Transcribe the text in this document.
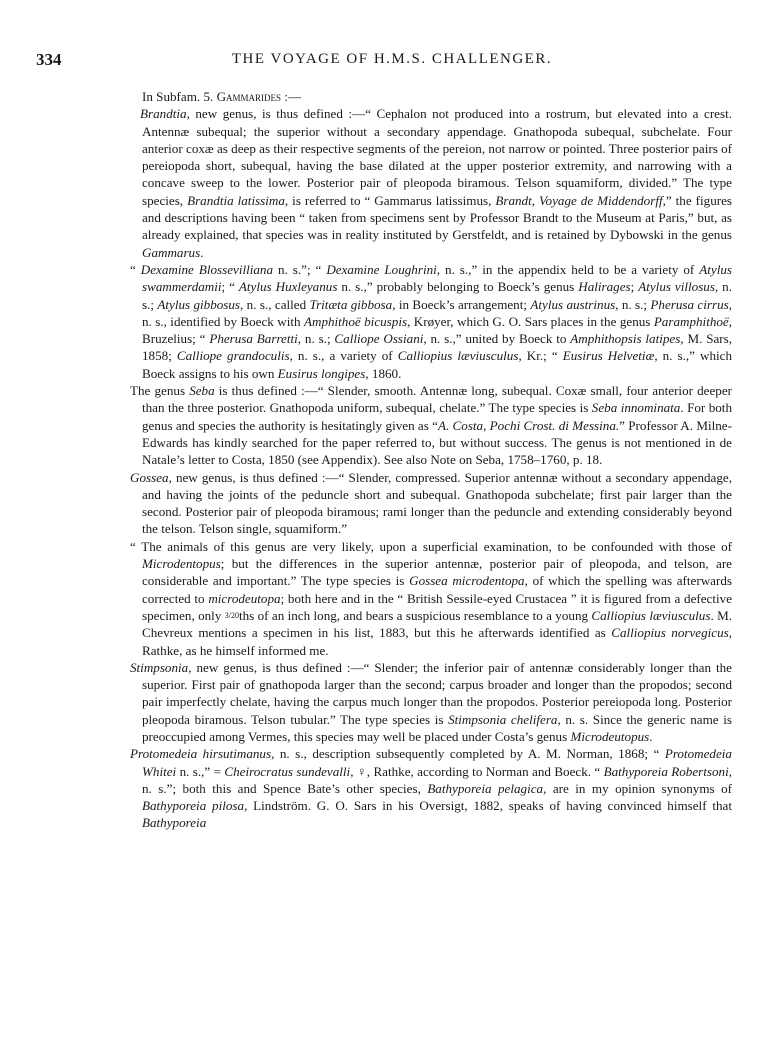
334	THE VOYAGE OF H.M.S. CHALLENGER.

In Subfam. 5. Gammarides :—

Brandtia, new genus, is thus defined :—“ Cephalon not produced into a rostrum, but elevated into a crest. Antennæ subequal; the superior without a secondary appendage. Gnathopoda subequal, subchelate. Four anterior coxæ as deep as their respective segments of the pereion, not narrow or pointed. Three posterior pairs of pereiopoda short, subequal, having the base dilated at the upper posterior extremity, and narrowing with a concave sweep to the lower. Posterior pair of pleopoda biramous. Telson squamiform, divided.” The type species, Brandtia latissima, is referred to “ Gammarus latissimus, Brandt, Voyage de Middendorff,” the figures and descriptions having been “ taken from specimens sent by Professor Brandt to the Museum at Paris,” but, as already explained, that species was in reality instituted by Gerstfeldt, and is retained by Dybowski in the genus Gammarus.

“ Dexamine Blossevilliana n. s.”; “ Dexamine Loughrini, n. s.,” in the appendix held to be a variety of Atylus swammerdamii; “ Atylus Huxleyanus n. s.,” probably belonging to Boeck’s genus Halirages; Atylus villosus, n. s.; Atylus gibbosus, n. s., called Tritæta gibbosa, in Boeck’s arrangement; Atylus austrinus, n. s.; Pherusa cirrus, n. s., identified by Boeck with Amphithoë bicuspis, Krøyer, which G. O. Sars places in the genus Paramphithoë, Bruzelius; “ Pherusa Barretti, n. s.; Calliope Ossiani, n. s.,” united by Boeck to Amphithopsis latipes, M. Sars, 1858; Calliope grandoculis, n. s., a variety of Calliopius læviusculus, Kr.; “ Eusirus Helvetiæ, n. s.,” which Boeck assigns to his own Eusirus longipes, 1860.

The genus Seba is thus defined :—“ Slender, smooth. Antennæ long, subequal. Coxæ small, four anterior deeper than the three posterior. Gnathopoda uniform, subequal, chelate.” The type species is Seba innominata. For both genus and species the authority is hesitatingly given as “A. Costa, Pochi Crost. di Messina.” Professor A. Milne-Edwards has kindly searched for the paper referred to, but without success. The genus is not mentioned in de Natale’s letter to Costa, 1850 (see Appendix). See also Note on Seba, 1758–1760, p. 18.

Gossea, new genus, is thus defined :—“ Slender, compressed. Superior antennæ without a secondary appendage, and having the joints of the peduncle short and subequal. Gnathopoda subchelate; first pair larger than the second. Posterior pair of pleopoda biramous; rami longer than the peduncle and extending considerably beyond the telson. Telson single, squamiform.”

“ The animals of this genus are very likely, upon a superficial examination, to be confounded with those of Microdentopus; but the differences in the superior antennæ, posterior pair of pleopoda, and telson, are considerable and important.” The type species is Gossea microdentopa, of which the spelling was afterwards corrected to microdeutopa; both here and in the “ British Sessile-eyed Crustacea ” it is figured from a defective specimen, only 3/20ths of an inch long, and bears a suspicious resemblance to a young Calliopius læviusculus. M. Chevreux mentions a specimen in his list, 1883, but this he afterwards identified as Calliopius norvegicus, Rathke, as he himself informed me.

Stimpsonia, new genus, is thus defined :—“ Slender; the inferior pair of antennæ considerably longer than the superior. First pair of gnathopoda larger than the second; carpus broader and longer than the propodos; second pair imperfectly chelate, having the carpus much longer than the propodos. Posterior pereiopoda long. Posterior pleopoda biramous. Telson tubular.” The type species is Stimpsonia chelifera, n. s. Since the generic name is preoccupied among Vermes, this species may well be placed under Costa’s genus Microdeutopus.

Protomedeia hirsutimanus, n. s., description subsequently completed by A. M. Norman, 1868; “ Protomedeia Whitei n. s.,” = Cheirocratus sundevalli, ♀, Rathke, according to Norman and Boeck. “ Bathyporeia Robertsoni, n. s.”; both this and Spence Bate’s other species, Bathyporeia pelagica, are in my opinion synonyms of Bathyporeia pilosa, Lindström. G. O. Sars in his Oversigt, 1882, speaks of having convinced himself that Bathyporeia
